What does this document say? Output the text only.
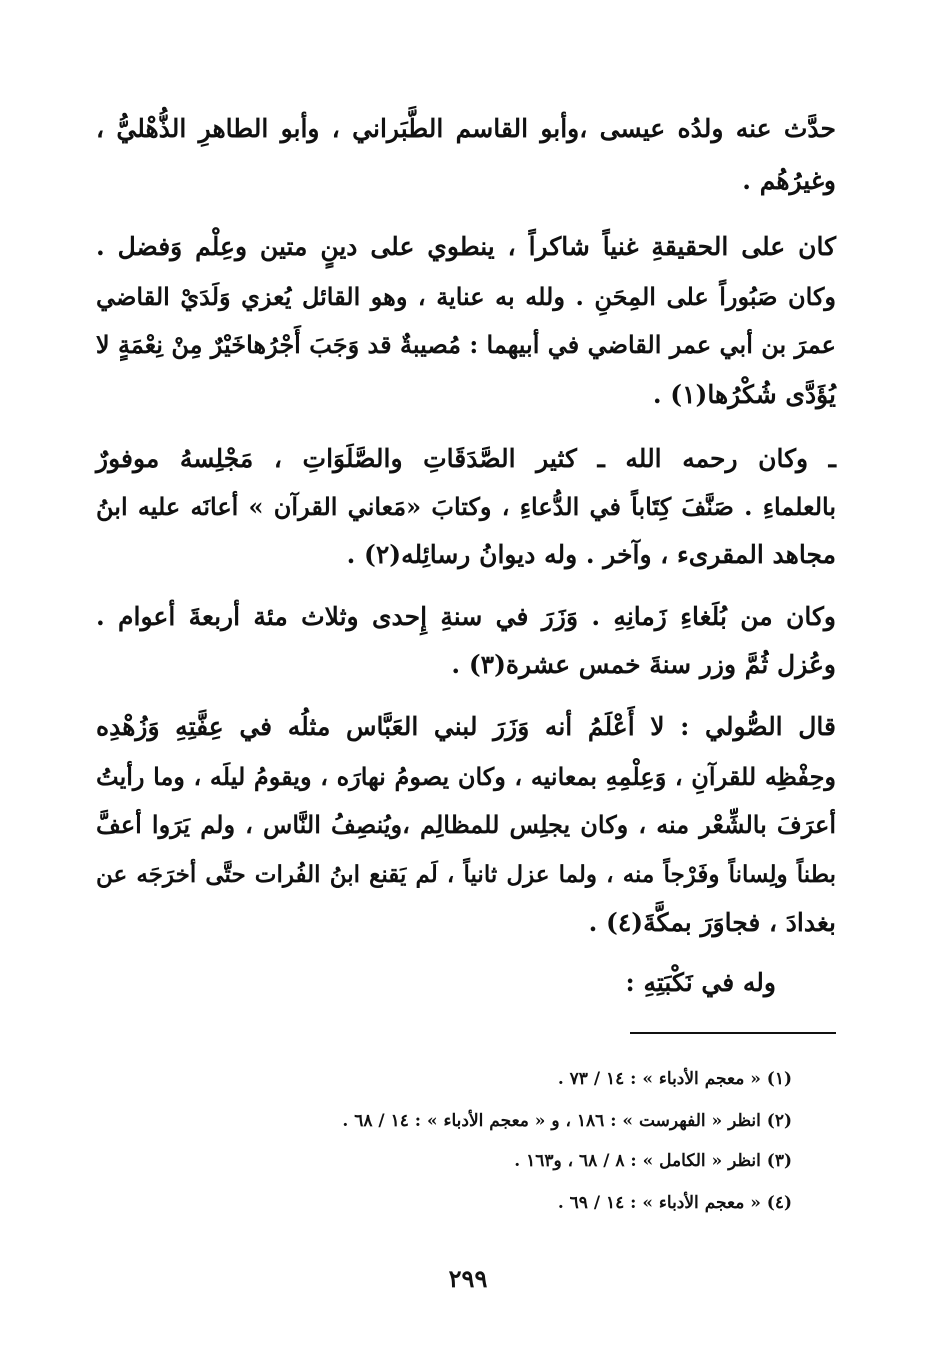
حدَّث عنه ولدُه عيسى ،وأبو القاسم الطَّبَراني ، وأبو الطاهرِ الذُّهْليُّ ،
وغيرُهُم .
كان على الحقيقةِ غنياً شاكراً ، ينطوي على دينٍ متين وعِلْم وَفضل .
وكان صَبُوراً على المِحَنِ . ولله به عناية ، وهو القائل يُعزي وَلَدَيْ القاضي
عمرَ بن أبي عمر القاضي في أبيهما : مُصيبةٌ قد وَجَبَ أَجْرُهاخَيْرٌ مِنْ نِعْمَةٍ لا
يُؤَدَّى شُكْرُها(١) .
ـ وكان رحمه الله ـ كثير الصَّدَقَاتِ والصَّلَوَاتِ ، مَجْلِسهُ موفورٌ
بالعلماءِ . صَنَّفَ كِتَاباً في الدُّعاءِ ، وكتابَ «مَعاني القرآن » أعانَه عليه ابنُ
مجاهد المقرىء ، وآخر . وله ديوانُ رسائِله(٢) .
وكان من بُلَغاءِ زَمانِهِ . وَزَرَ في سنةِ إِحدى وثلاث مئة أربعةَ أعوام .
وعُزل ثُمَّ وزر سنةَ خمس عشرة(٣) .
قال الصُّولي : لا أَعْلَمُ أنه وَزَرَ لبني العَبَّاس مثلُه في عِفَّتِهِ وَزُهْدِه
وحِفْظِه للقرآنِ ، وَعِلْمِهِ بمعانيه ، وكان يصومُ نهارَه ، ويقومُ ليلَه ، وما رأيتُ
أعرَفَ بالشِّعْر منه ، وكان يجلِس للمظالِم ،ويُنصِفُ النَّاس ، ولم يَرَوا أعفَّ
بطناً ولِساناً وفَرْجاً منه ، ولما عزل ثانياً ، لَم يَقنع ابنُ الفُرات حتَّى أخرَجَه عن
بغدادَ ، فجاوَرَ بمكَّةَ(٤) .
وله في نَكْبَتِهِ :
(١) « معجم الأدباء » : ١٤ / ٧٣ .
(٢) انظر « الفهرست » : ١٨٦ ، و « معجم الأدباء » : ١٤ / ٦٨ .
(٣) انظر « الكامل » : ٨ / ٦٨ ، و١٦٣ .
(٤) « معجم الأدباء » : ١٤ / ٦٩ .
٢٩٩
